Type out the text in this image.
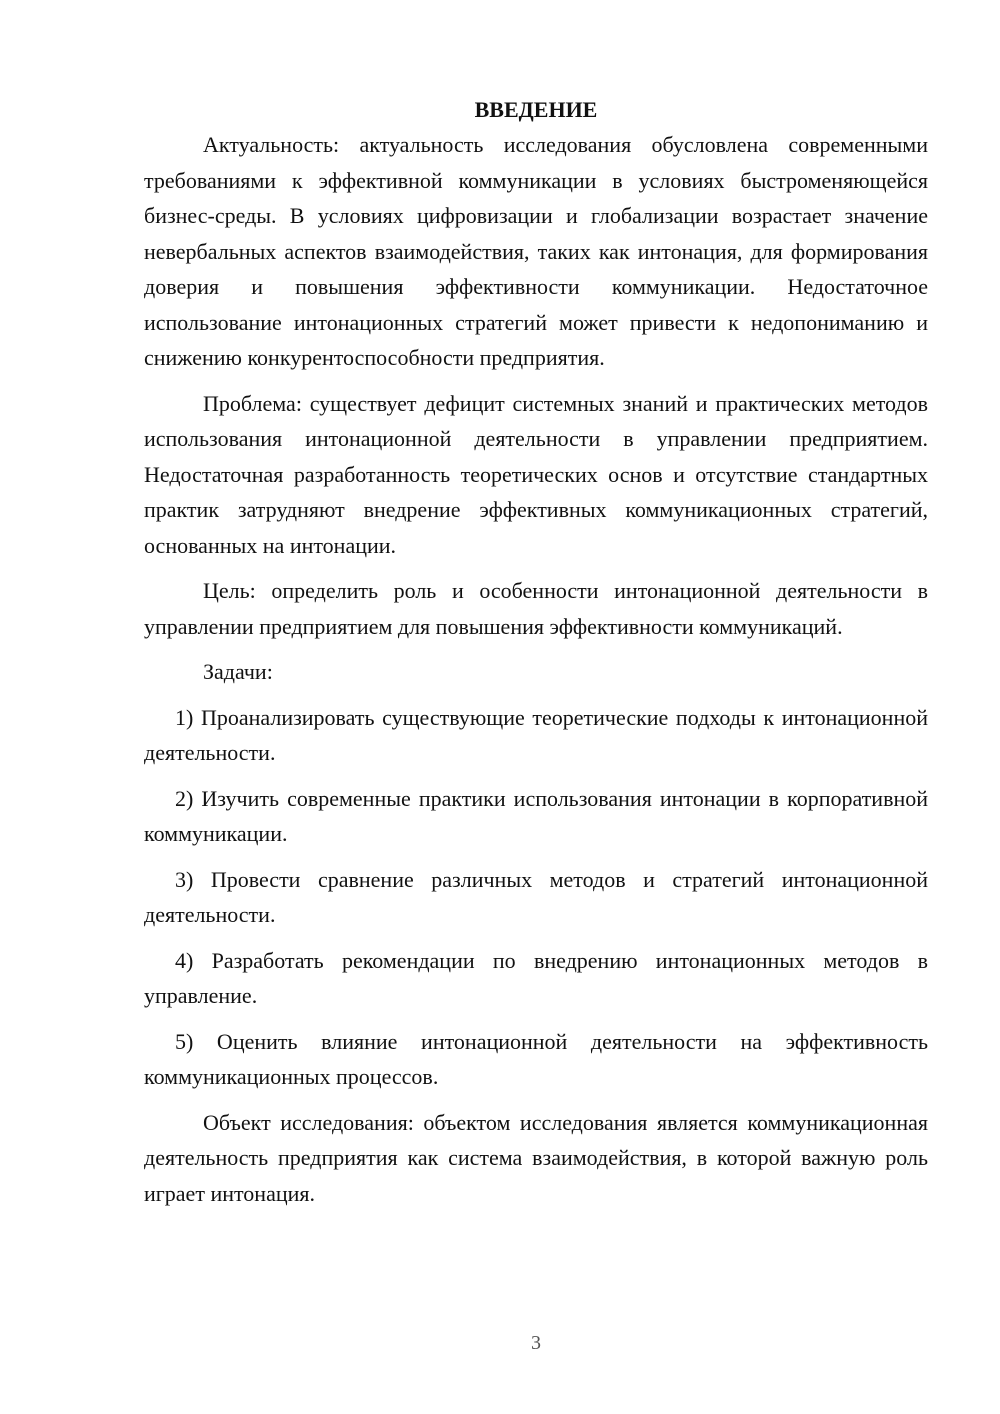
ВВЕДЕНИЕ

Актуальность: актуальность исследования обусловлена современными требованиями к эффективной коммуникации в условиях быстроменяющейся бизнес-среды. В условиях цифровизации и глобализации возрастает значение невербальных аспектов взаимодействия, таких как интонация, для формирования доверия и повышения эффективности коммуникации. Недостаточное использование интонационных стратегий может привести к недопониманию и снижению конкурентоспособности предприятия.

Проблема: существует дефицит системных знаний и практических методов использования интонационной деятельности в управлении предприятием. Недостаточная разработанность теоретических основ и отсутствие стандартных практик затрудняют внедрение эффективных коммуникационных стратегий, основанных на интонации.

Цель: определить роль и особенности интонационной деятельности в управлении предприятием для повышения эффективности коммуникаций.

Задачи:

1) Проанализировать существующие теоретические подходы к интонационной деятельности.

2) Изучить современные практики использования интонации в корпоративной коммуникации.

3) Провести сравнение различных методов и стратегий интонационной деятельности.

4) Разработать рекомендации по внедрению интонационных методов в управление.

5) Оценить влияние интонационной деятельности на эффективность коммуникационных процессов.

Объект исследования: объектом исследования является коммуникационная деятельность предприятия как система взаимодействия, в которой важную роль играет интонация.

3
